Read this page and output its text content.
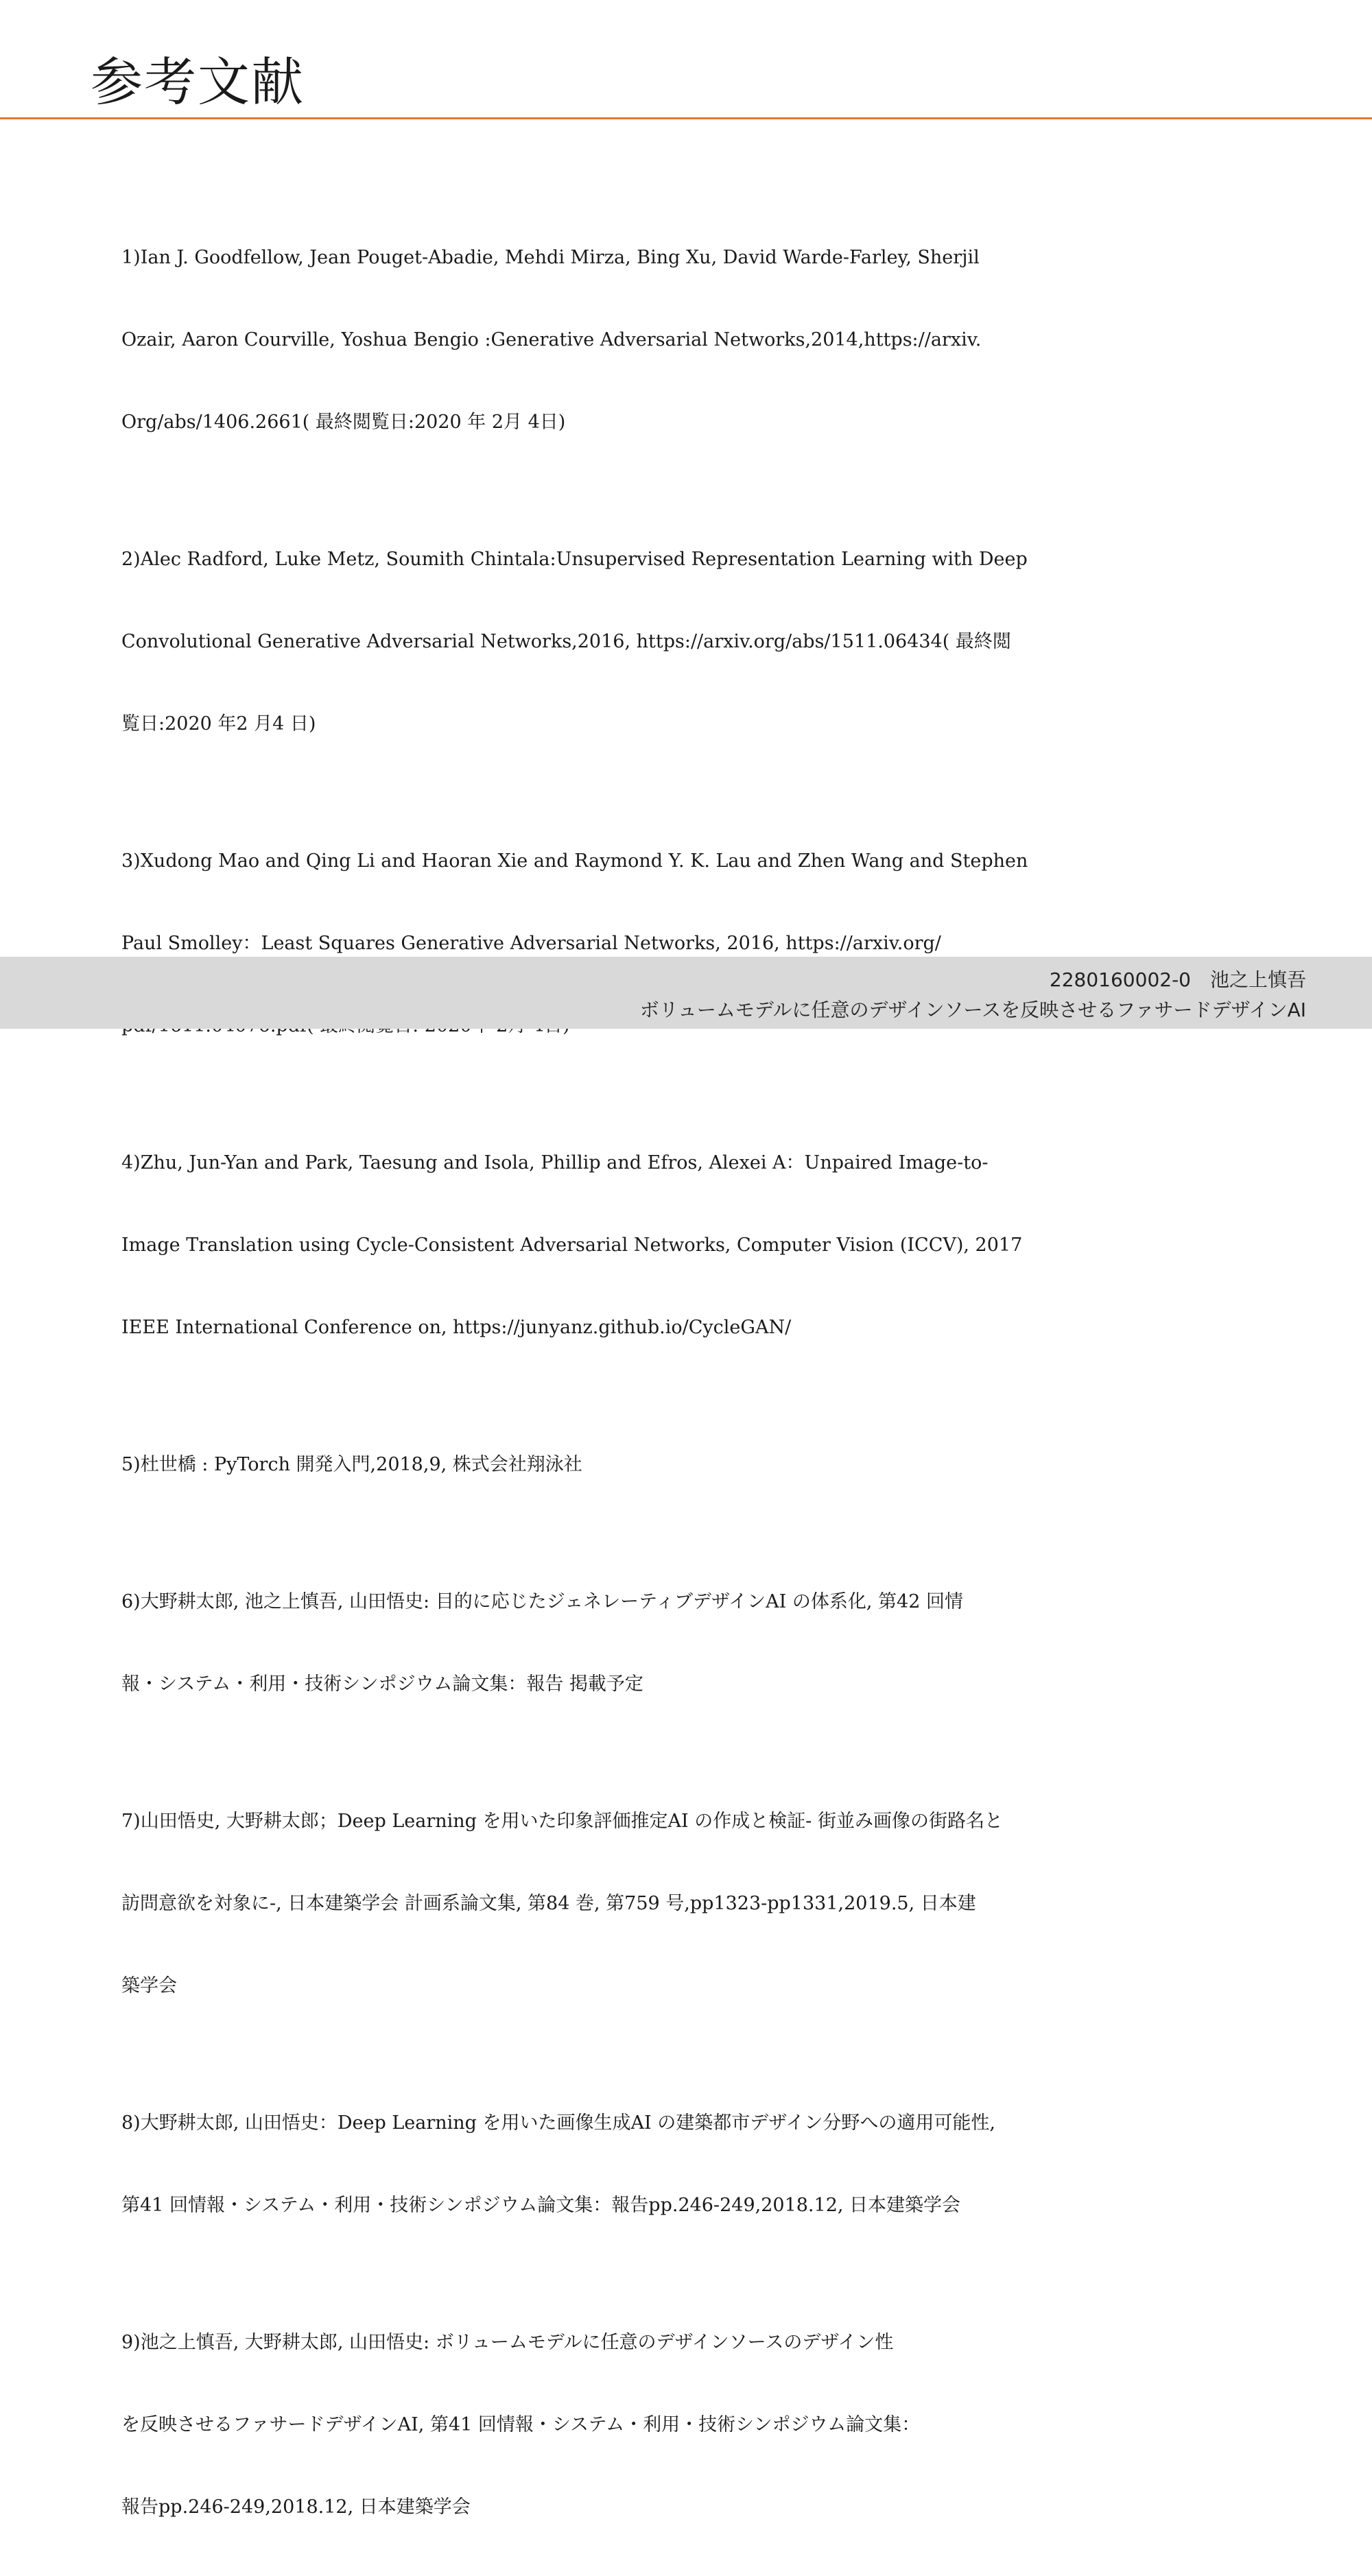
参考文献

1)Ian J. Goodfellow, Jean Pouget-Abadie, Mehdi Mirza, Bing Xu, David Warde-Farley, Sherjil

Ozair, Aaron Courville, Yoshua Bengio :Generative Adversarial Networks,2014,https://arxiv.

Org/abs/1406.2661( 最終閲覧日:2020 年 2月 4日)

2)Alec Radford, Luke Metz, Soumith Chintala:Unsupervised Representation Learning with Deep

Convolutional Generative Adversarial Networks,2016, https://arxiv.org/abs/1511.06434( 最終閲

覧日:2020 年2 月4 日)

3)Xudong Mao and Qing Li and Haoran Xie and Raymond Y. K. Lau and Zhen Wang and Stephen

Paul Smolley：Least Squares Generative Adversarial Networks, 2016, https://arxiv.org/

4)Zhu, Jun-Yan and Park, Taesung and Isola, Phillip and Efros, Alexei A：Unpaired Image-to-

Image Translation using Cycle-Consistent Adversarial Networks, Computer Vision (ICCV), 2017

IEEE International Conference on, https://junyanz.github.io/CycleGAN/

5)杜世橋 : PyTorch 開発入門,2018,9, 株式会社翔泳社

6)大野耕太郎, 池之上慎吾, 山田悟史: 目的に応じたジェネレーティブデザインAI の体系化, 第42 回情

報・システム・利用・技術シンポジウム論文集：報告 掲載予定

7)山田悟史, 大野耕太郎；Deep Learning を用いた印象評価推定AI の作成と検証- 街並み画像の街路名と

訪問意欲を対象に-, 日本建築学会 計画系論文集, 第84 巻, 第759 号,pp1323-pp1331,2019.5, 日本建

築学会

8)大野耕太郎, 山田悟史：Deep Learning を用いた画像生成AI の建築都市デザイン分野への適用可能性,

第41 回情報・システム・利用・技術シンポジウム論文集：報告pp.246-249,2018.12, 日本建築学会

9)池之上慎吾, 大野耕太郎, 山田悟史: ボリュームモデルに任意のデザインソースのデザイン性

を反映させるファサードデザインAI, 第41 回情報・システム・利用・技術シンポジウム論文集：

報告pp.246-249,2018.12, 日本建築学会

2280160002-0　池之上慎吾
ボリュームモデルに任意のデザインソースを反映させるファサードデザインAI
